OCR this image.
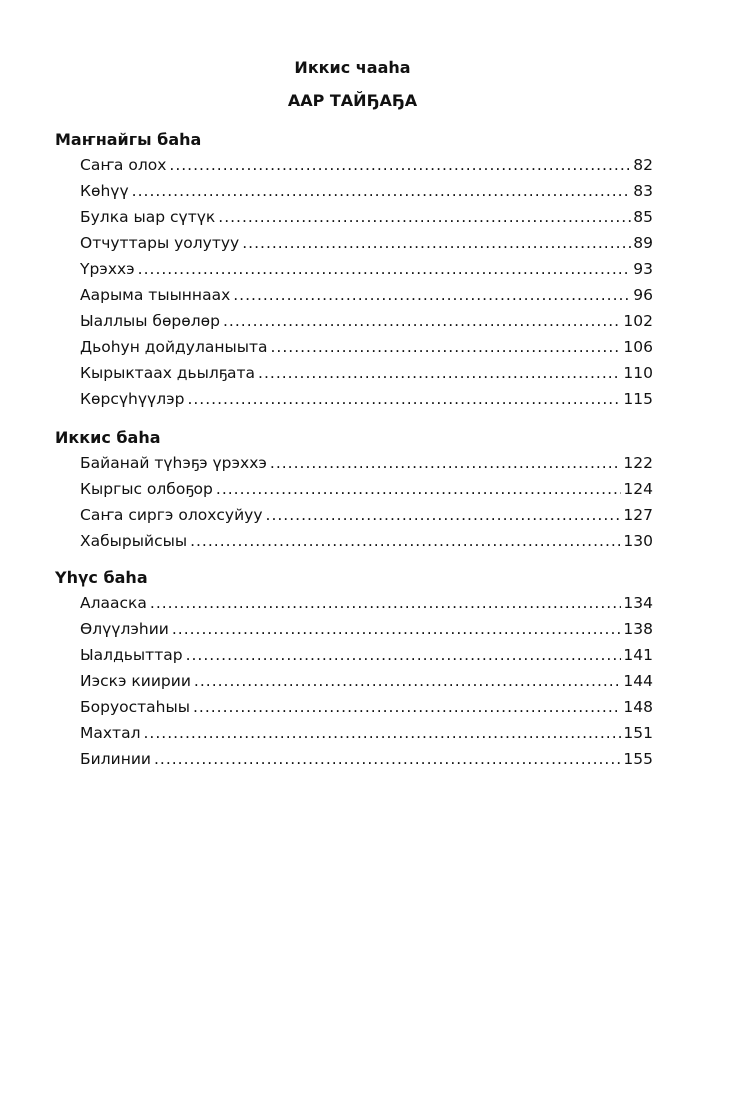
Иккис чааһа
ААР ТАЙҔАҔА
Маҥнайгы баһа
Саҥа олох .....	82
Көһүү .....	83
Булка ыар сүтүк .....	85
Отчуттары уолутуу .....	89
Үрэххэ .....	93
Аарыма тыыннаах .....	96
Ыаллыы бөрөлөр .....	102
Дьоһун дойдуланыыта .....	106
Кырыктаах дьылҕата .....	110
Көрсүһүүлэр .....	115
Иккис баһа
Байанай түһэҕэ үрэххэ .....	122
Кыргыс олбоҕор .....	124
Саҥа сиргэ олохсуйуу .....	127
Хабырыйсыы .....	130
Үһүс баһа
Алааска .....	134
Өлүүлэһии .....	138
Ыалдьыттар .....	141
Иэскэ киирии .....	144
Боруостаһыы .....	148
Махтал .....	151
Билинии .....	155
